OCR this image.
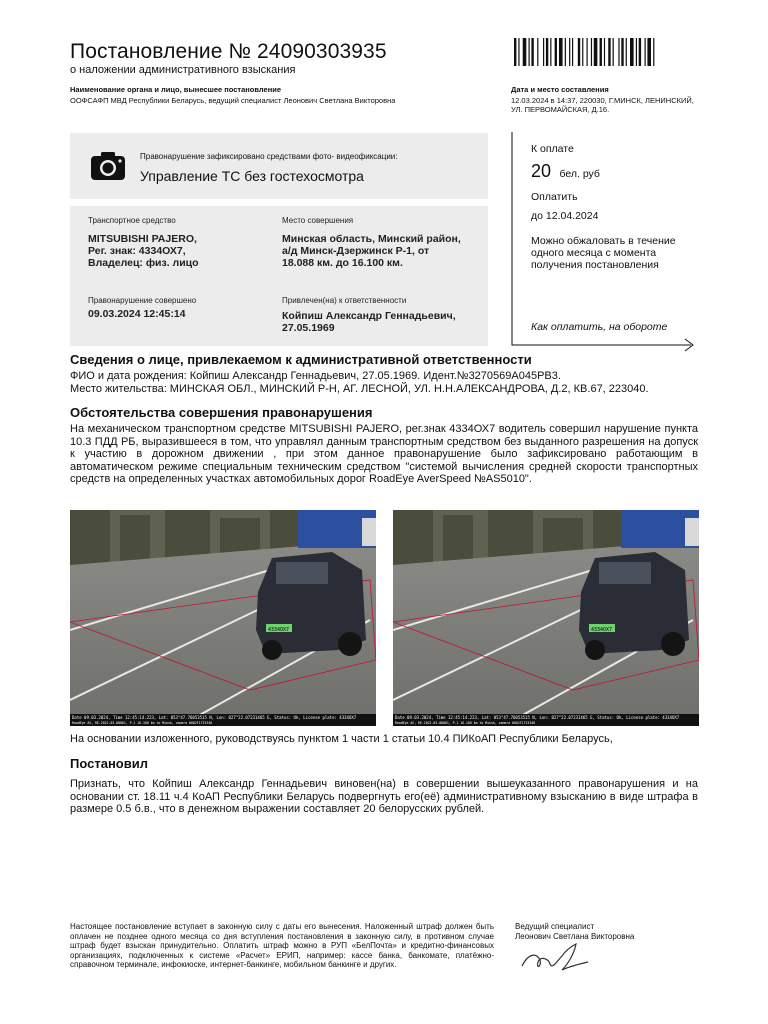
Постановление № 24090303935
о наложении административного взыскания
Наименование органа и лицо, вынесшее постановление
ООФСАФП МВД Республики Беларусь, ведущий специалист Леонович Светлана Викторовна
Дата и место составления
12.03.2024 в 14:37, 220030, Г.МИНСК, ЛЕНИНСКИЙ, УЛ. ПЕРВОМАЙСКАЯ, Д.16.
Правонарушение зафиксировано средствами фото- видеофиксации:
Управление ТС без гостехосмотра
Транспортное средство
MITSUBISHI PAJERO,
Рег. знак: 4334ОХ7,
Владелец: физ. лицо
Место совершения
Минская область, Минский район,
а/д Минск-Дзержинск Р-1, от
18.088 км. до 16.100 км.
Правонарушение совершено
09.03.2024 12:45:14
Привлечен(на) к ответственности
Койпиш Александр Геннадьевич,
27.05.1969
К оплате
20 бел. руб
Оплатить
до 12.04.2024
Можно обжаловать в течение одного месяца с момента получения постановления
Как оплатить, на обороте
Сведения о лице, привлекаемом к административной ответственности
ФИО и дата рождения: Койпиш Александр Геннадьевич, 27.05.1969. Идент.№3270569А045РВ3.
Место жительства: МИНСКАЯ ОБЛ., МИНСКИЙ Р-Н, АГ. ЛЕСНОЙ, УЛ. Н.Н.АЛЕКСАНДРОВА, Д.2, КВ.67, 223040.
Обстоятельства совершения правонарушения
На механическом транспортном средстве MITSUBISHI PAJERO, рег.знак 4334ОХ7 водитель совершил нарушение пункта 10.3 ПДД РБ, выразившееся в том, что управлял данным транспортным средством без выданного разрешения на допуск к участию в дорожном движении , при этом данное правонарушение было зафиксировано работающим в автоматическом режиме специальным техническим средством "системой вычисления средней скорости транспортных средств на определенных участках автомобильных дорог RoadEye AverSpeed №AS5010".
Date 09.03.2024, Time 12:45:14.223, Lat: 053°47.76053515 N, Lon: 027°22.07231465 E, Status: Ok, License plate: 4334OX7
RoadEye AS, RE-2022-03-00061, P-1 16.100 km to Minsk, camera 0002F1723348
4334OX7
Date 09.03.2024, Time 12:45:14.223, Lat: 053°47.76053515 N, Lon: 027°22.07231465 E, Status: Ok, License plate: 4334OX7
RoadEye AS, RE-2022-03-00061, P-1 16.100 km to Minsk, camera 0002F1723348
4334OX7
На основании изложенного, руководствуясь пунктом 1 части 1 статьи 10.4 ПИКоАП Республики Беларусь,
Постановил
Признать, что Койпиш Александр Геннадьевич виновен(на) в совершении вышеуказанного правонарушения и на основании ст. 18.11 ч.4 КоАП Республики Беларусь подвергнуть его(её) административному взысканию в виде штрафа в размере 0.5 б.в., что в денежном выражении составляет 20 белорусских рублей.
Настоящее постановление вступает в законную силу с даты его вынесения. Наложенный штраф должен быть оплачен не позднее одного месяца со дня вступления постановления в законную силу, в противном случае штраф будет взыскан принудительно. Оплатить штраф можно в РУП «БелПочта» и кредитно-финансовых организациях, подключенных к системе «Расчет» ЕРИП, например: кассе банка, банкомате, платёжно-справочном терминале, инфокиоске, интернет-банкинге, мобильном банкинге и других.
Ведущий специалист
Леонович Светлана Викторовна
